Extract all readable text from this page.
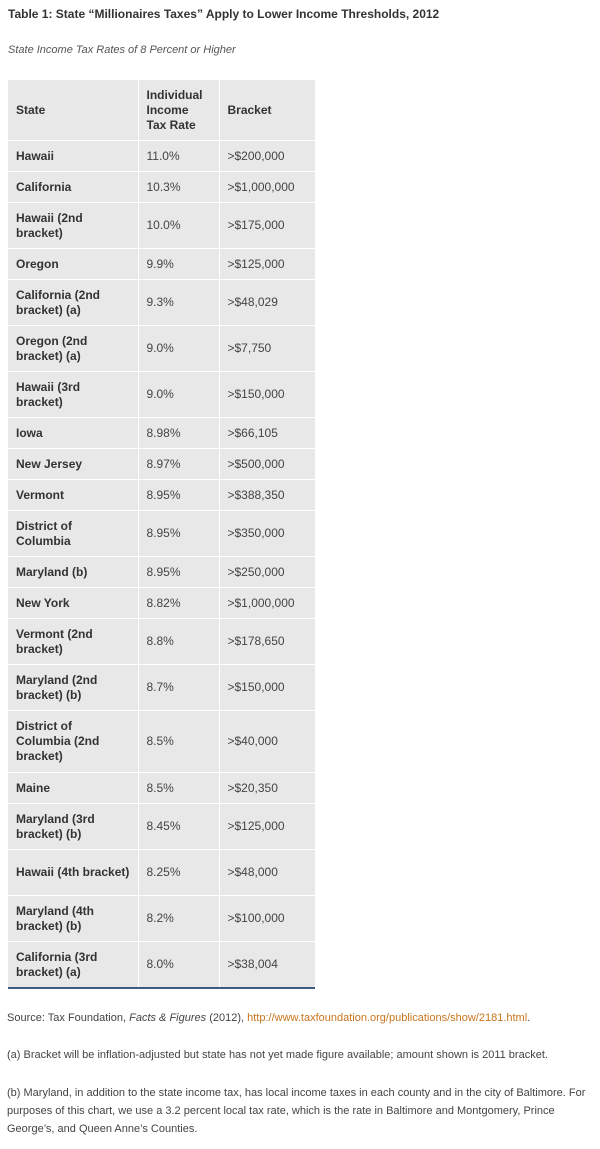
Table 1: State “Millionaires Taxes” Apply to Lower Income Thresholds, 2012
State Income Tax Rates of 8 Percent or Higher
State	Individual Income Tax Rate	Bracket
Hawaii	11.0%	>$200,000
California	10.3%	>$1,000,000
Hawaii (2nd bracket)	10.0%	>$175,000
Oregon	9.9%	>$125,000
California (2nd bracket) (a)	9.3%	>$48,029
Oregon (2nd bracket) (a)	9.0%	>$7,750
Hawaii (3rd bracket)	9.0%	>$150,000
Iowa	8.98%	>$66,105
New Jersey	8.97%	>$500,000
Vermont	8.95%	>$388,350
District of Columbia	8.95%	>$350,000
Maryland (b)	8.95%	>$250,000
New York	8.82%	>$1,000,000
Vermont (2nd bracket)	8.8%	>$178,650
Maryland (2nd bracket) (b)	8.7%	>$150,000
District of Columbia (2nd bracket)	8.5%	>$40,000
Maine	8.5%	>$20,350
Maryland (3rd bracket) (b)	8.45%	>$125,000
Hawaii (4th bracket)	8.25%	>$48,000
Maryland (4th bracket) (b)	8.2%	>$100,000
California (3rd bracket) (a)	8.0%	>$38,004
Source: Tax Foundation, Facts & Figures (2012), http://www.taxfoundation.org/publications/show/2181.html.
(a) Bracket will be inflation-adjusted but state has not yet made figure available; amount shown is 2011 bracket.
(b) Maryland, in addition to the state income tax, has local income taxes in each county and in the city of Baltimore. For purposes of this chart, we use a 3.2 percent local tax rate, which is the rate in Baltimore and Montgomery, Prince George’s, and Queen Anne’s Counties.
